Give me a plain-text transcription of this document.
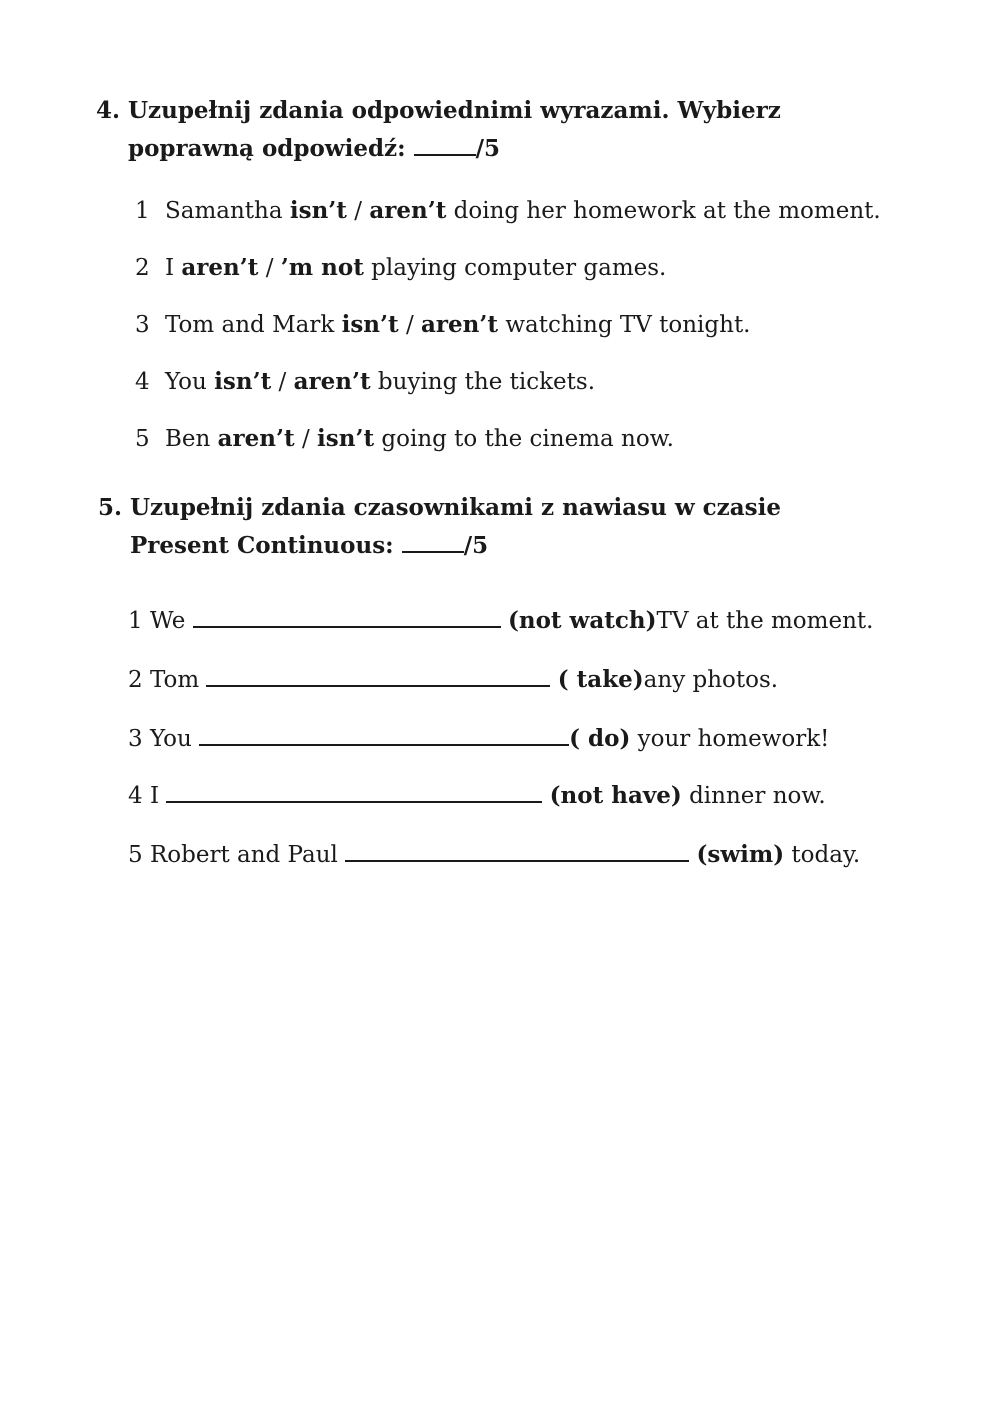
4. Uzupełnij zdania odpowiednimi wyrazami. Wybierz
poprawną odpowiedź:	/5
1 Samantha isn’t / aren’t doing her homework at the moment.
2 I aren’t / ’m not playing computer games.
3 Tom and Mark isn’t / aren’t watching TV tonight.
4 You isn’t / aren’t buying the tickets.
5 Ben aren’t / isn’t going to the cinema now.
5. Uzupełnij zdania czasownikami z nawiasu w czasie
Present Continuous:	/5
1 We	(not watch)TV at the moment.
2 Tom	( take)any photos.
3 You	( do) your homework!
4 I	(not have) dinner now.
5 Robert and Paul	(swim) today.
